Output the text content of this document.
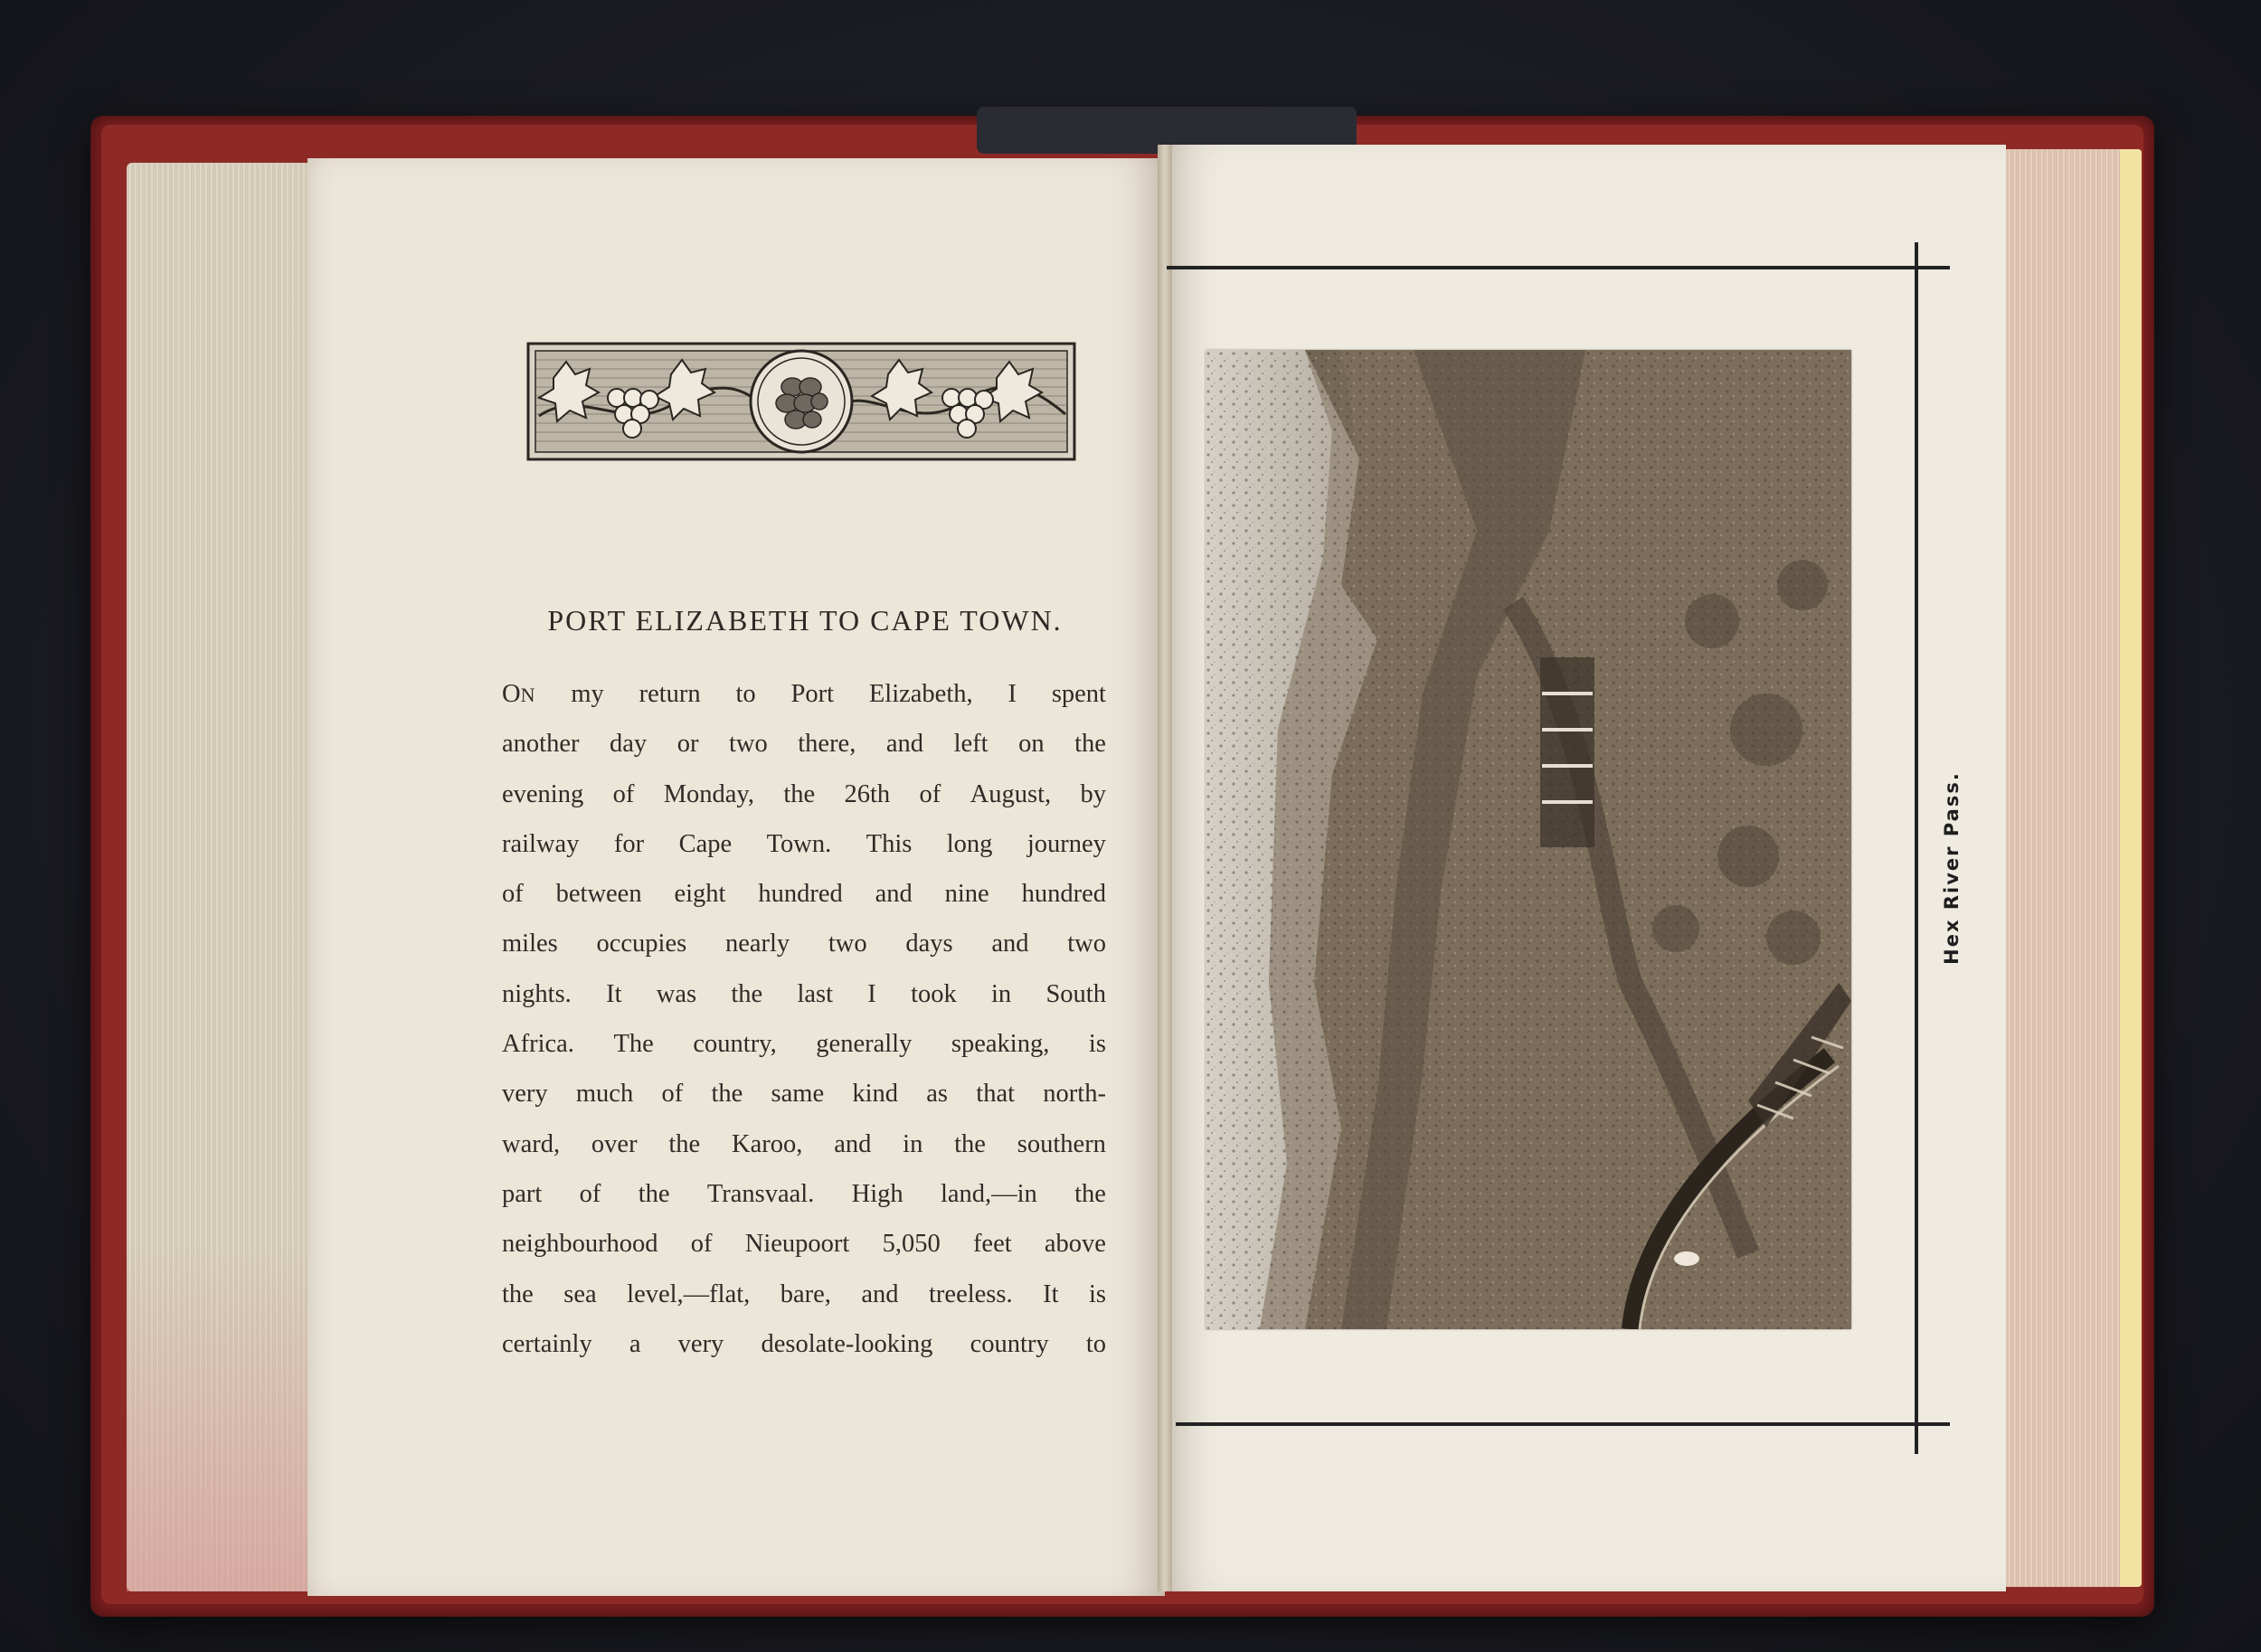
PORT ELIZABETH TO CAPE TOWN.
ON my return to Port Elizabeth, I spent
another day or two there, and left on the
evening of Monday, the 26th of August, by
railway for Cape Town. This long journey
of between eight hundred and nine hundred
miles occupies nearly two days and two
nights. It was the last I took in South
Africa. The country, generally speaking, is
very much of the same kind as that north-
ward, over the Karoo, and in the southern
part of the Transvaal. High land,—in the
neighbourhood of Nieupoort 5,050 feet above
the sea level,—flat, bare, and treeless. It is
certainly a very desolate-looking country to
Hex River Pass.
